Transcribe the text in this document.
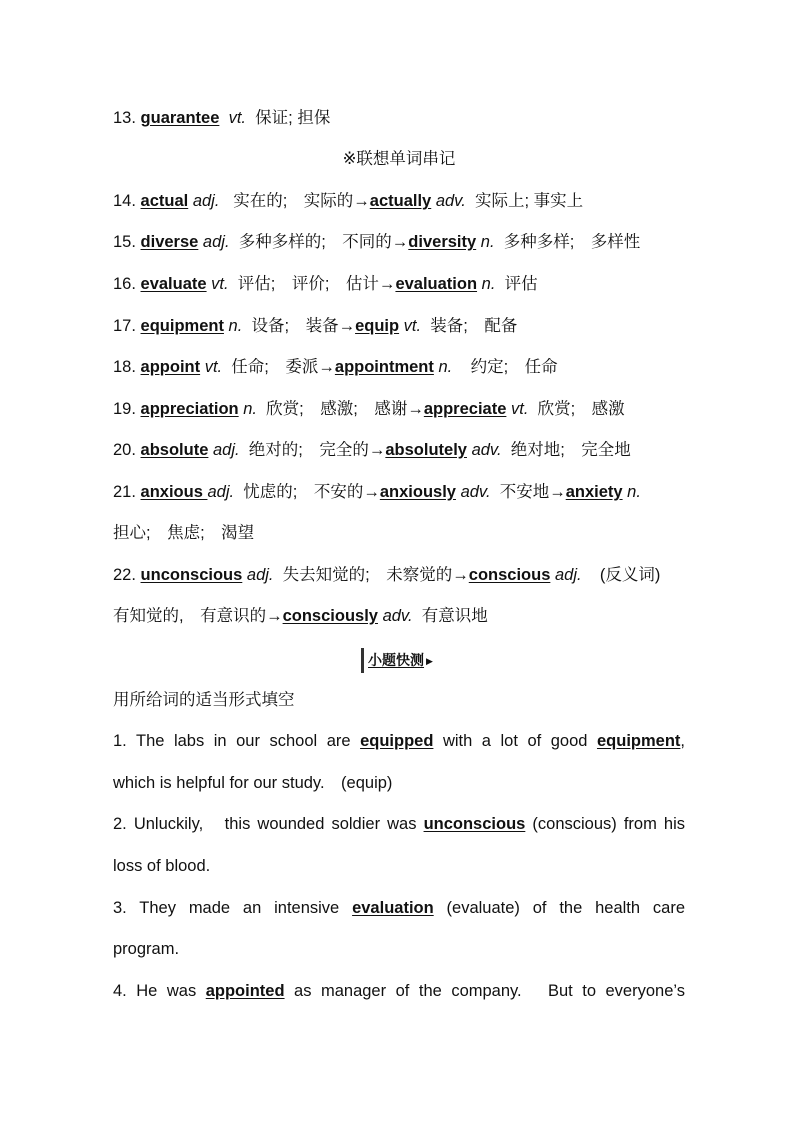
13. guarantee vt. 保证; 担保
※联想单词串记
14. actual adj. 实在的;　实际的→actually adv. 实际上; 事实上
15. diverse adj. 多种多样的;　不同的→diversity n. 多种多样;　多样性
16. evaluate vt. 评估;　评价;　估计→evaluation n. 评估
17. equipment n. 设备;　装备→equip vt. 装备;　配备
18. appoint vt. 任命;　委派→appointment n. 约定;　任命
19. appreciation n. 欣赏;　感激;　感谢→appreciate vt. 欣赏;　感激
20. absolute adj. 绝对的;　完全的→absolutely adv. 绝对地;　完全地
21. anxious adj. 忧虑的;　不安的→anxiously adv. 不安地→anxiety n.
担心;　焦虑;　渴望
22. unconscious adj. 失去知觉的;　未察觉的→conscious adj. (反义词)
有知觉的,　有意识的→consciously adv. 有意识地
小题快测 ▶
用所给词的适当形式填空
1. The labs in our school are equipped with a lot of good equipment,
which is helpful for our study.　(equip)
2. Unluckily,　this wounded soldier was unconscious (conscious) from his
loss of blood.
3. They made an intensive evaluation (evaluate) of the health care
program.
4. He was appointed as manager of the company.　But to everyone’s
